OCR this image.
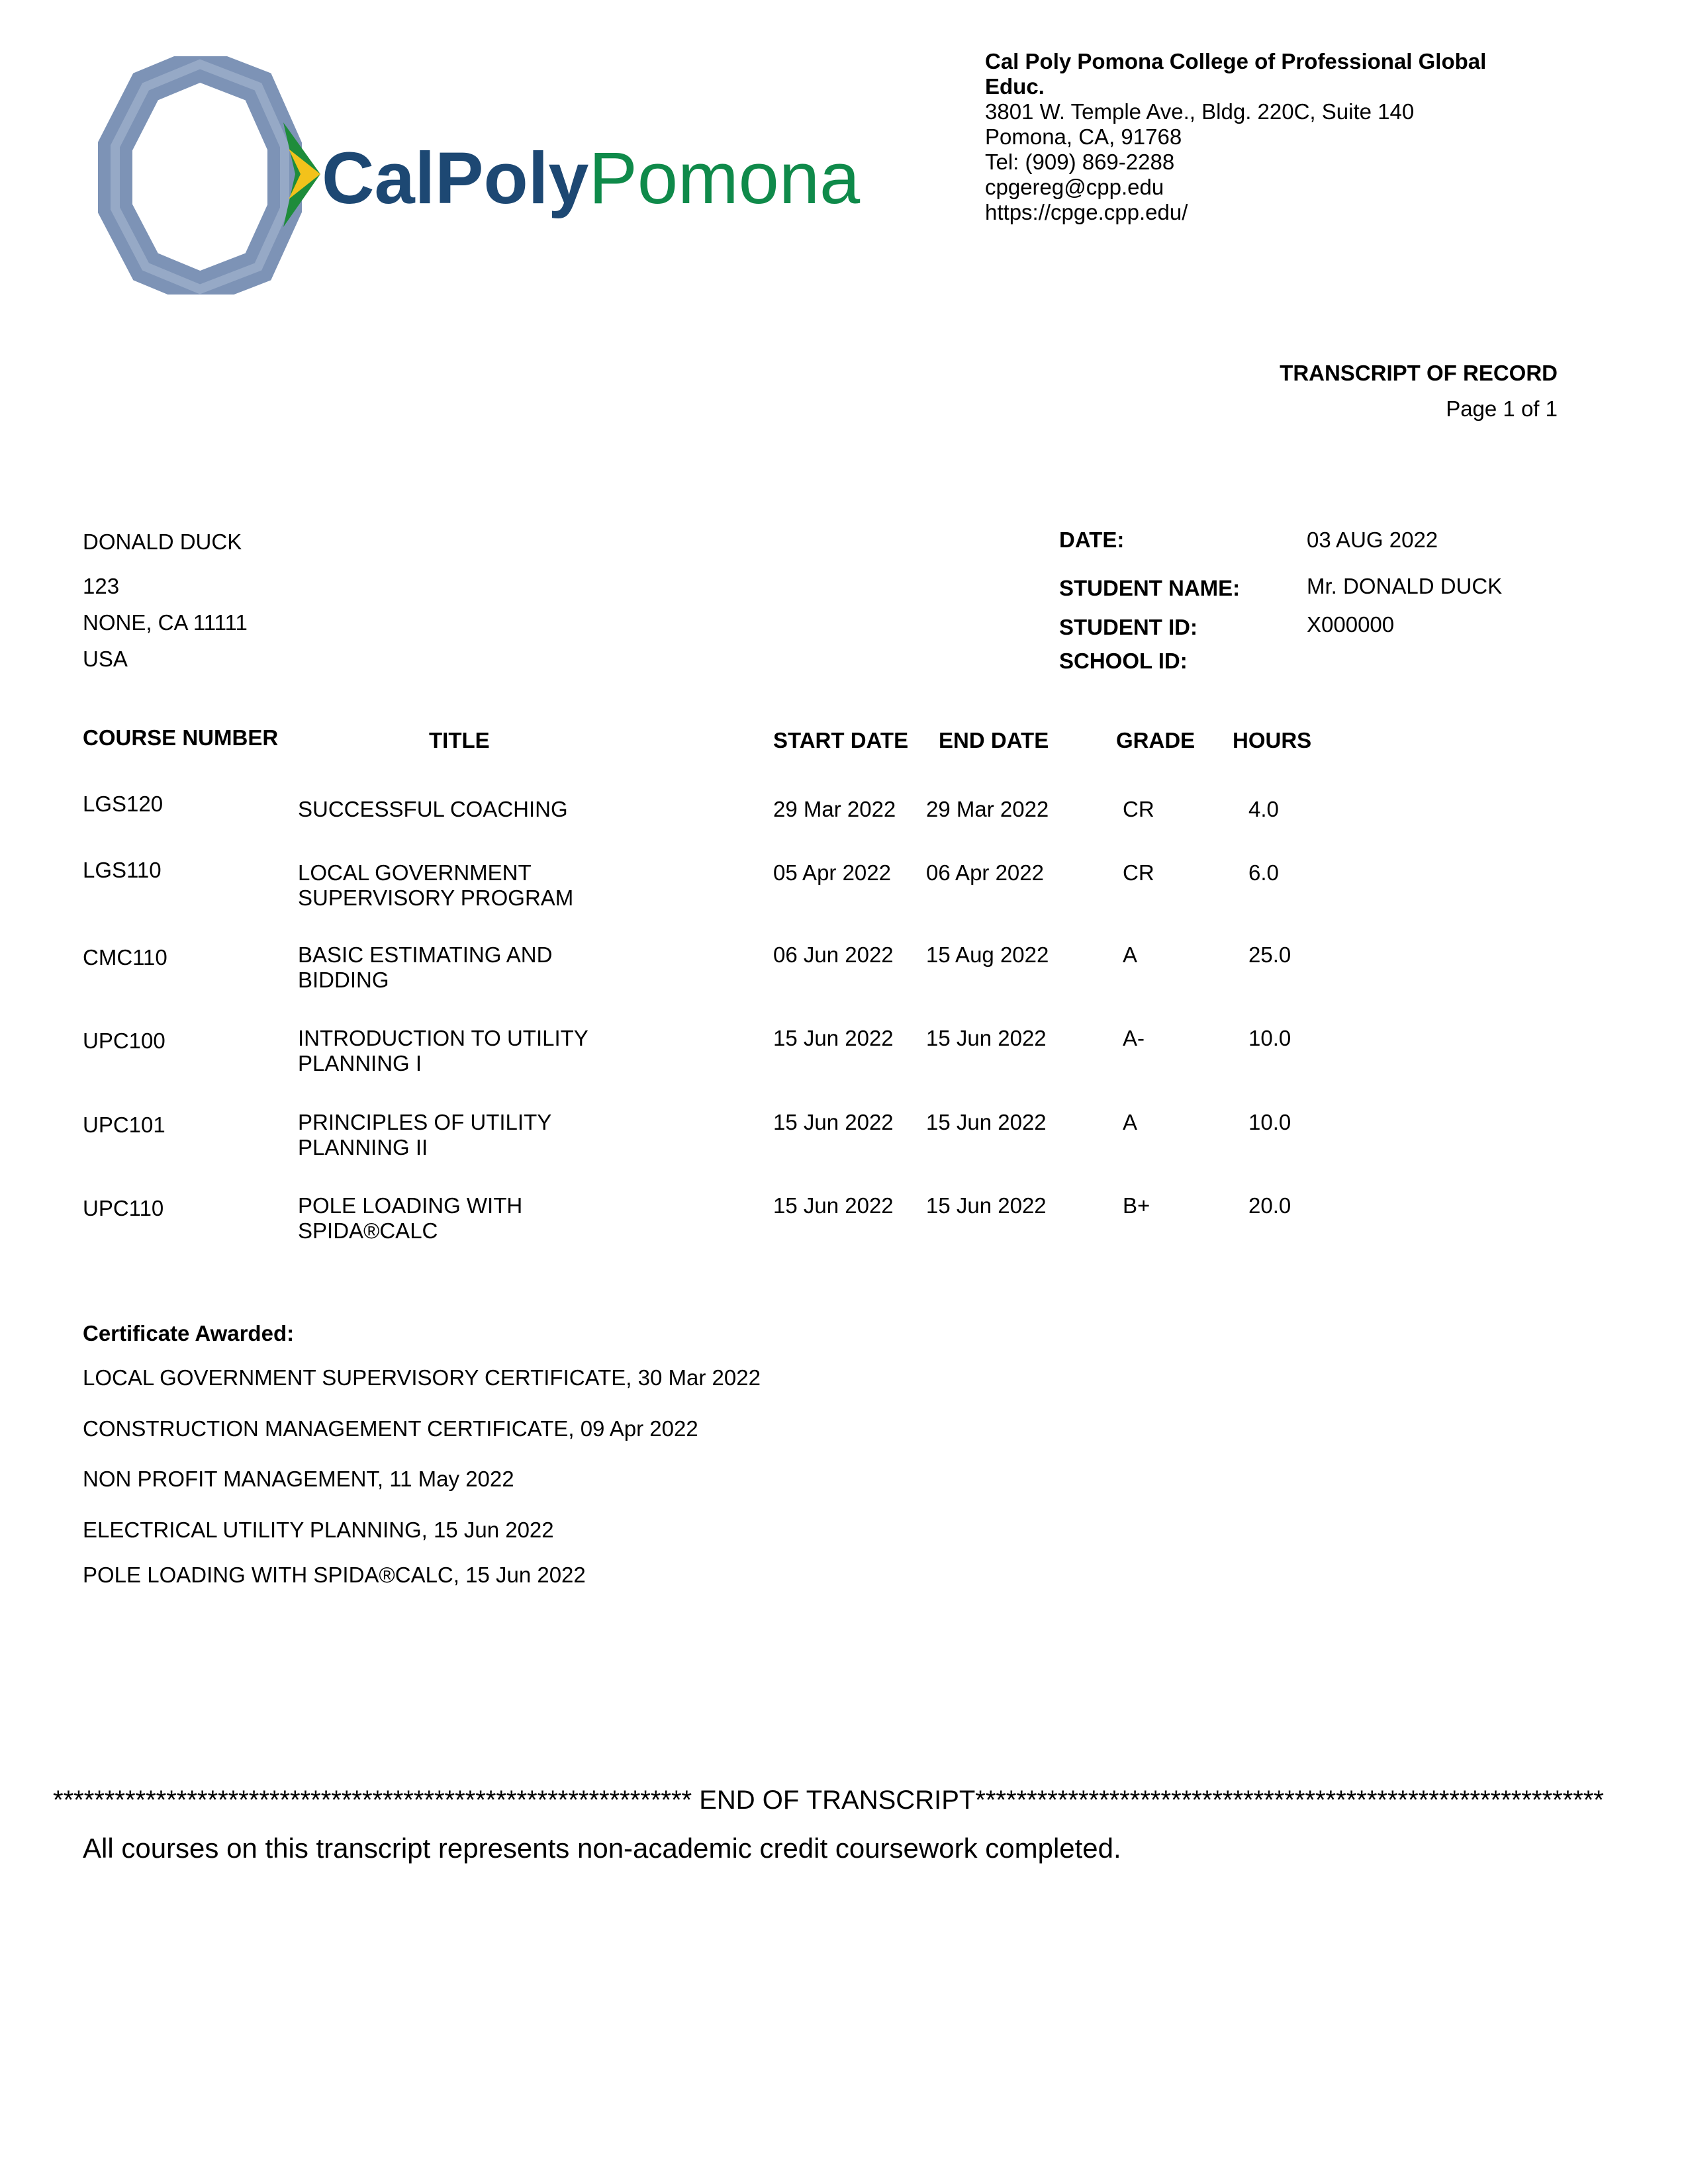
CalPolyPomona
Cal Poly Pomona College of Professional Global
Educ.
3801 W. Temple Ave., Bldg. 220C, Suite 140
Pomona, CA, 91768
Tel: (909) 869-2288
cpgereg@cpp.edu
https://cpge.cpp.edu/
TRANSCRIPT OF RECORD
Page 1 of 1
DONALD DUCK
123
NONE, CA 11111
USA
DATE:	03 AUG 2022
STUDENT NAME:	Mr. DONALD DUCK
STUDENT ID:	X000000
SCHOOL ID:
COURSE NUMBER	TITLE	START DATE END DATE	GRADE HOURS
LGS120	SUCCESSFUL COACHING	29 Mar 2022 29 Mar 2022	CR	4.0
LGS110	LOCAL GOVERNMENT
SUPERVISORY PROGRAM
05 Apr 2022 06 Apr 2022	CR	6.0
CMC110	BASIC ESTIMATING AND
BIDDING
06 Jun 2022 15 Aug 2022	A	25.0
UPC100	INTRODUCTION TO UTILITY
PLANNING I
15 Jun 2022 15 Jun 2022	A-	10.0
UPC101	PRINCIPLES OF UTILITY
PLANNING II
15 Jun 2022 15 Jun 2022	A	10.0
UPC110	POLE LOADING WITH
SPIDA®CALC
15 Jun 2022 15 Jun 2022	B+	20.0
Certificate Awarded:
LOCAL GOVERNMENT SUPERVISORY CERTIFICATE, 30 Mar 2022
CONSTRUCTION MANAGEMENT CERTIFICATE, 09 Apr 2022
NON PROFIT MANAGEMENT, 11 May 2022
ELECTRICAL UTILITY PLANNING, 15 Jun 2022
POLE LOADING WITH SPIDA®CALC, 15 Jun 2022
************************************************************** END OF TRANSCRIPT*************************************************************
All courses on this transcript represents non-academic credit coursework completed.
